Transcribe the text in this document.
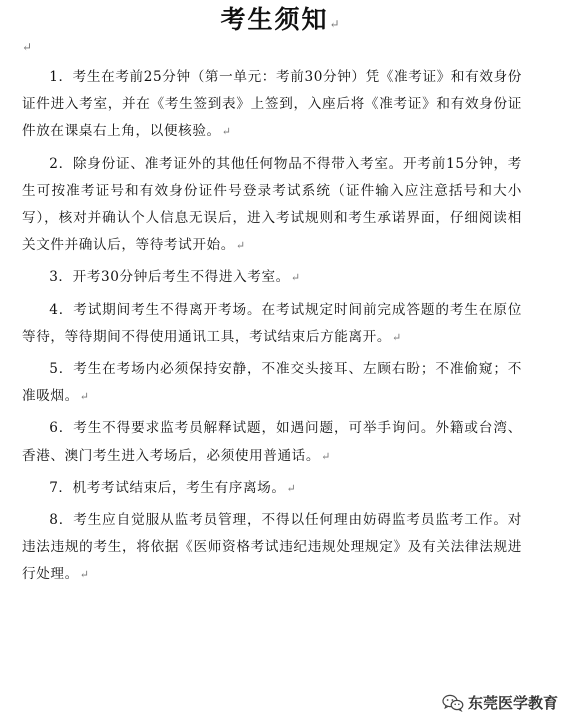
考生须知↵
↵

1．考生在考前25分钟（第一单元：考前30分钟）凭《准考证》和有效身份证件进入考室，并在《考生签到表》上签到，入座后将《准考证》和有效身份证件放在课桌右上角，以便核验。↵

2．除身份证、准考证外的其他任何物品不得带入考室。开考前15分钟，考生可按准考证号和有效身份证件号登录考试系统（证件输入应注意括号和大小写），核对并确认个人信息无误后，进入考试规则和考生承诺界面，仔细阅读相关文件并确认后，等待考试开始。↵

3．开考30分钟后考生不得进入考室。↵

4．考试期间考生不得离开考场。在考试规定时间前完成答题的考生在原位等待，等待期间不得使用通讯工具，考试结束后方能离开。↵

5．考生在考场内必须保持安静，不准交头接耳、左顾右盼；不准偷窥；不准吸烟。↵

6．考生不得要求监考员解释试题，如遇问题，可举手询问。外籍或台湾、香港、澳门考生进入考场后，必须使用普通话。↵

7．机考考试结束后，考生有序离场。↵

8．考生应自觉服从监考员管理，不得以任何理由妨碍监考员监考工作。对违法违规的考生，将依据《医师资格考试违纪违规处理规定》及有关法律法规进行处理。↵

东莞医学教育
